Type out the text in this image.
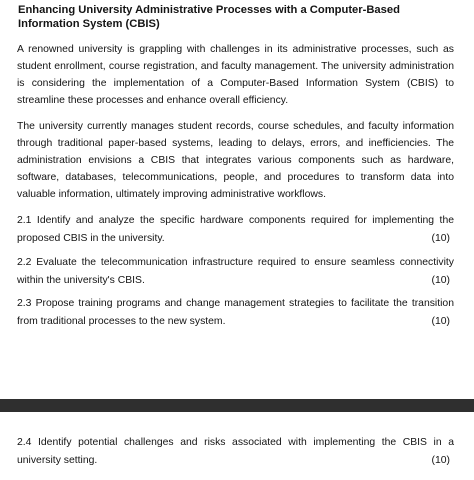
Enhancing University Administrative Processes with a Computer-Based Information System (CBIS)

A renowned university is grappling with challenges in its administrative processes, such as student enrollment, course registration, and faculty management. The university administration is considering the implementation of a Computer-Based Information System (CBIS) to streamline these processes and enhance overall efficiency.

The university currently manages student records, course schedules, and faculty information through traditional paper-based systems, leading to delays, errors, and inefficiencies. The administration envisions a CBIS that integrates various components such as hardware, software, databases, telecommunications, people, and procedures to transform data into valuable information, ultimately improving administrative workflows.

2.1 Identify and analyze the specific hardware components required for implementing the proposed CBIS in the university.	(10)
2.2 Evaluate the telecommunication infrastructure required to ensure seamless connectivity within the university's CBIS.	(10)
2.3 Propose training programs and change management strategies to facilitate the transition from traditional processes to the new system.	(10)
2.4 Identify potential challenges and risks associated with implementing the CBIS in a university setting.	(10)
